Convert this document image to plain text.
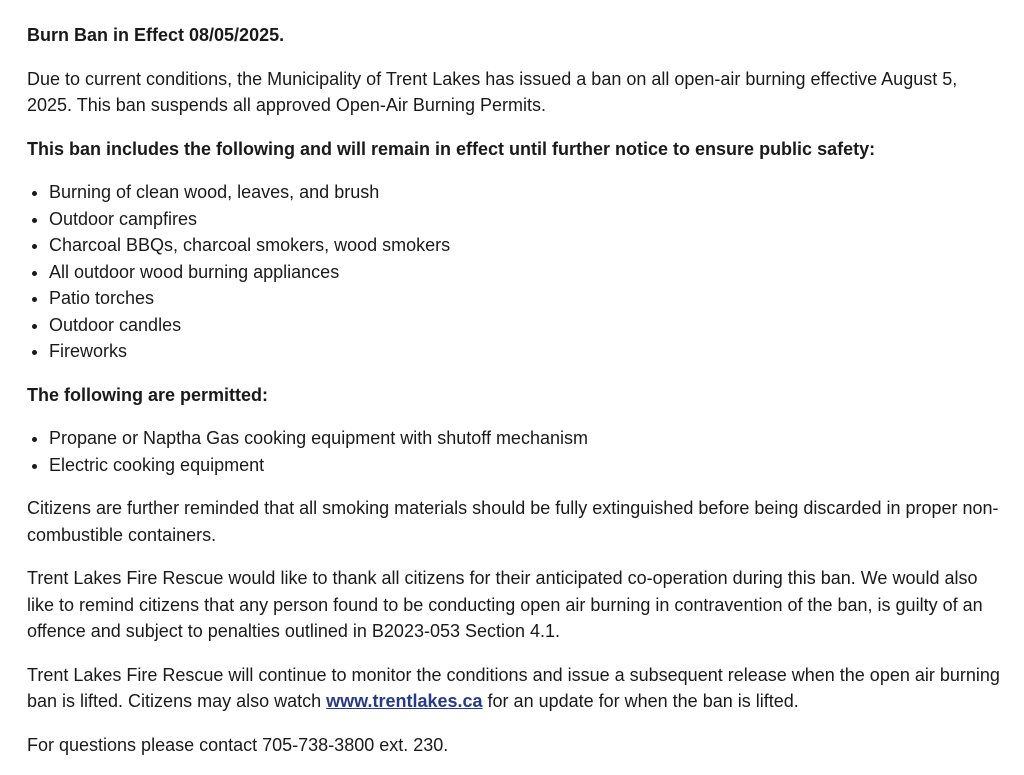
Burn Ban in Effect 08/05/2025.

Due to current conditions, the Municipality of Trent Lakes has issued a ban on all open-air burning effective August 5, 2025. This ban suspends all approved Open-Air Burning Permits.

This ban includes the following and will remain in effect until further notice to ensure public safety:

• Burning of clean wood, leaves, and brush
• Outdoor campfires
• Charcoal BBQs, charcoal smokers, wood smokers
• All outdoor wood burning appliances
• Patio torches
• Outdoor candles
• Fireworks

The following are permitted:

• Propane or Naptha Gas cooking equipment with shutoff mechanism
• Electric cooking equipment

Citizens are further reminded that all smoking materials should be fully extinguished before being discarded in proper non-combustible containers.

Trent Lakes Fire Rescue would like to thank all citizens for their anticipated co-operation during this ban. We would also like to remind citizens that any person found to be conducting open air burning in contravention of the ban, is guilty of an offence and subject to penalties outlined in B2023-053 Section 4.1.

Trent Lakes Fire Rescue will continue to monitor the conditions and issue a subsequent release when the open air burning ban is lifted. Citizens may also watch www.trentlakes.ca for an update for when the ban is lifted.

For questions please contact 705-738-3800 ext. 230.
